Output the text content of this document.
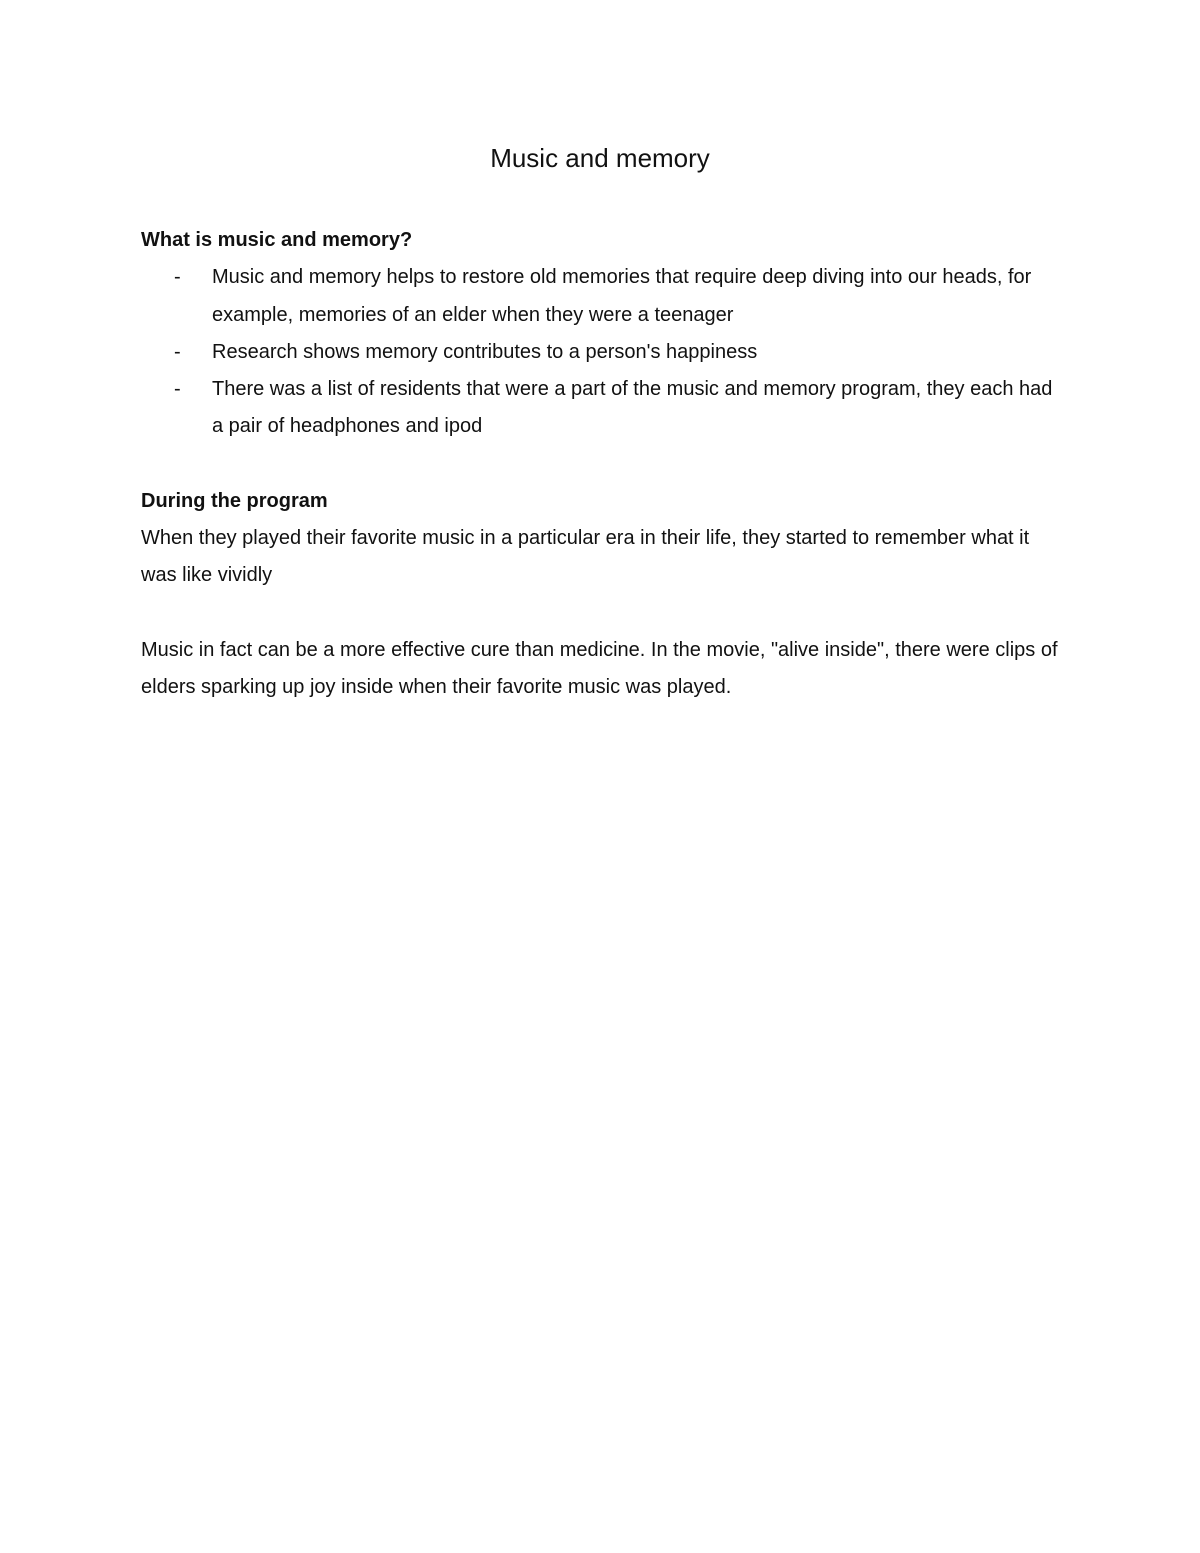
Music and memory

What is music and memory?

- Music and memory helps to restore old memories that require deep diving into our heads, for example, memories of an elder when they were a teenager
- Research shows memory contributes to a person's happiness
- There was a list of residents that were a part of the music and memory program, they each had a pair of headphones and ipod

During the program

When they played their favorite music in a particular era in their life, they started to remember what it was like vividly

Music in fact can be a more effective cure than medicine. In the movie, "alive inside", there were clips of elders sparking up joy inside when their favorite music was played.
